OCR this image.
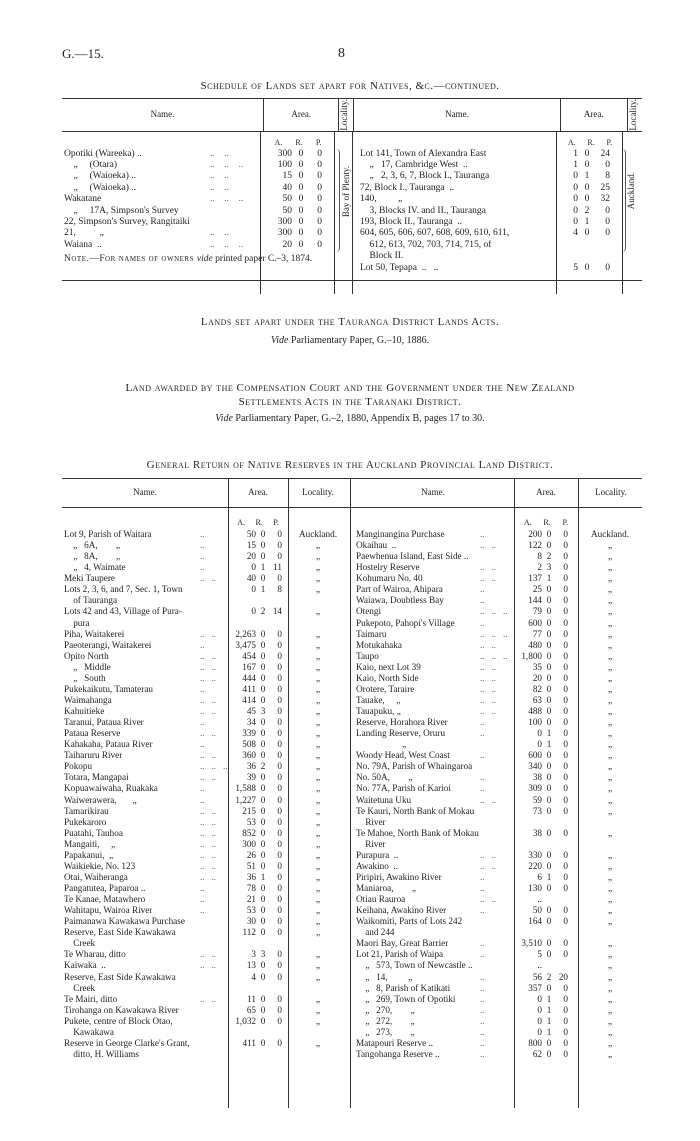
G.—15.	8
Schedule of Lands set apart for Natives, &c.—continued.
Name.	Area.	Locality.	Name.	Area.	Locality.
A. R. P.	A. R. P.
Opotiki (Wareeka) ..	..    ..	300 0	0
„     (Otara)	..    ..    ..	100 0	0
„     (Waioeka) ..	..    ..	15 0	0
„     (Waioeka) ..	..    ..	40 0	0
Wakatane	..    ..    ..	50 0	0
„     17A, Simpson's Survey	50 0	0
22, Simpson's Survey, Rangitaiki	300 0	0
21,          „	..    ..	300 0	0
Waiana  ..	..    ..    ..	20 0	0
Bay of Plenty.
Lot 141, Town of Alexandra East	1 0	24
„   17, Cambridge West  ..	1 0	0
„   2, 3, 6, 7, Block I., Tauranga	0 1	8
72, Block I., Tauranga  ..	0 0	25
140,         „	0 0	32
3, Blocks IV. and II., Tauranga	0 2	0
193, Block II., Tauranga  ..	0 1	0
604, 605, 606, 607, 608, 609, 610, 611,	4 0	0
612, 613, 702, 703, 714, 715, of
Block II.
Lot 50, Tepapa  ..   ..	5 0	0
Auckland.
Note.—For names of owners vide printed paper C.–3, 1874.
Lands set apart under the Tauranga District Lands Acts.
Vide Parliamentary Paper, G.–10, 1886.
Land awarded by the Compensation Court and the Government under the New Zealand
Settlements Acts in the Taranaki District.
Vide Parliamentary Paper, G.–2, 1880, Appendix B, pages 17 to 30.
General Return of Native Reserves in the Auckland Provincial Land District.
Name.	Area.	Locality.	Name.	Area.	Locality.
A. R. P.	A. R. P.
Lot 9, Parish of Waitara	..	50 0	0	Auckland.
„   6A,        „	..	15 0	0	„
„   8A,        „	..	20 0	0	„
„   4, Waimate	..	0 1 11	„
Meki Taupere	..   ..	40 0	0	„
Lots 2, 3, 6, and 7, Sec. 1, Town	0 1	8	„
of Tauranga
Lots 42 and 43, Village of Pura-	0 2 14	„
pura
Piha, Waitakerei	..   ..	2,263 0	0	„
Paeoterangi, Waitakerei	..	3,475 0	0	„
Opito North	..   ..	454 0	0	„
„   Middle	..   ..	167 0	0	„
„   South	..   ..	444 0	0	„
Pukekaikutu, Tamaterau	..	411 0	0	„
Waimahanga	..   ..	414 0	0	„
Kahuitieke	..   ..	45 3	0	„
Taranui, Pataua River	..	34 0	0	„
Pataua Reserve	..   ..	339 0	0	„
Kahakaha, Pataua River	..	508 0	0	„
Taiharuru River	..   ..	360 0	0	„
Pokopu	..   ..   ..	36 2	0	„
Totara, Mangapai	..   ..	39 0	0	„
Kopuawaiwaha, Ruakaka	..	1,588 0	0	„
Waiwerawera,       „	..	1,227 0	0	„
Tamarikirau	..   ..	215 0	0	„
Pukekaroro	..   ..	53 0	0	„
Puatahi, Tauhoa	..   ..	852 0	0	„
Mangaiti,     „	..   ..	300 0	0	„
Papakanui,  „	..   ..	26 0	0	„
Waikiekie, No. 123	..   ..	51 0	0	„
Otai, Waiheranga	..   ..	36 1	0	„
Pangatutea, Paparoa ..	..	78 0	0	„
Te Kanae, Matawhero	..	21 0	0	„
Wahitapu, Wairoa River	..	53 0	0	„
Paimanawa Kawakawa Purchase	30 0	0	„
Reserve, East Side Kawakawa	112 0	0	„
Creek
Te Wharau, ditto	..   ..	3 3	0	„
Kaiwaka  ..	..   ..	13 0	0	„
Reserve, East Side Kawakawa	4 0	0	„
Creek
Te Mairi, ditto	..   ..	11 0	0	„
Tirohanga on Kawakawa River	65 0	0	„
Pukete, centre of Block Otao,	1,032 0	0	„
Kawakawa
Reserve in George Clarke's Grant,	411 0	0	„
ditto, H. Williams
Manginangina Purchase	..	200 0	0	Auckland.
Okaihau  ..	..   ..	122 0	0	„
Paewhenua Island, East Side ..	8 2	0	„
Hostelry Reserve	..   ..	2 3	0	„
Kohumaru No. 40	..   ..	137 1	0	„
Part of Wairoa, Ahipara	..	25 0	0	„
Waiawa, Doubtless Bay	..	144 0	0	„
Otengi	..   ..   ..	79 0	0	„
Pukepoto, Pahopi's Village	..	600 0	0	„
Taimaru	..   ..   ..	77 0	0	„
Motukahaka	..   ..	480 0	0	„
Taupo	..   ..   ..	1,800 0	0	„
Kaio, next Lot 39	..   ..	35 0	0	„
Kaio, North Side	..   ..	20 0	0	„
Orotere, Taraire	..   ..	82 0	0	„
Tauake,     „	..   ..	63 0	0	„
Tauapuku, „	..   ..	488 0	0	„
Reserve, Horahora River	..	100 0	0	„
Landing Reserve, Oruru	..	0 1	0	„
„	0 1	0	„
Woody Head, West Coast	..	600 0	0	„
No. 79A, Parish of Whaingaroa	340 0	0	„
No. 50A,        „	..	38 0	0	„
No. 77A, Parish of Karioi	..	309 0	0	„
Waitetuna Uku	..   ..	59 0	0	„
Te Kauri, North Bank of Mokau	73 0	0	„
River
Te Mahoe, North Bank of Mokau	38 0	0	„
River
Purapura  ..	..   ..	330 0	0	„
Awakino  ..	..   ..	220 0	0	„
Piripiri, Awakino River	..	6 1	0	„
Maniaroa,        „	..	130 0	0	„
Otiau Rauroa	..   ..	..	„
Keihana, Awakino River	..	50 0	0	„
Waikomiti, Parts of Lots 242	164 0	0	„
and 244
Maori Bay, Great Barrier	..	3,510 0	0	„
Lot 21, Parish of Waipa	..	5 0	0	„
„   573, Town of Newcastle ..	..	„
„   14,         „	..	56 2 20	„
„   8, Parish of Katikati	..	357 0	0	„
„   269, Town of Opotiki	..	0 1	0	„
„   270,        „	..	0 1	0	„
„   272,        „	..	0 1	0	„
„   273,        „	..	0 1	0	„
Matapouri Reserve ..	..	800 0	0	„
Tangohanga Reserve ..	..	62 0	0	„
